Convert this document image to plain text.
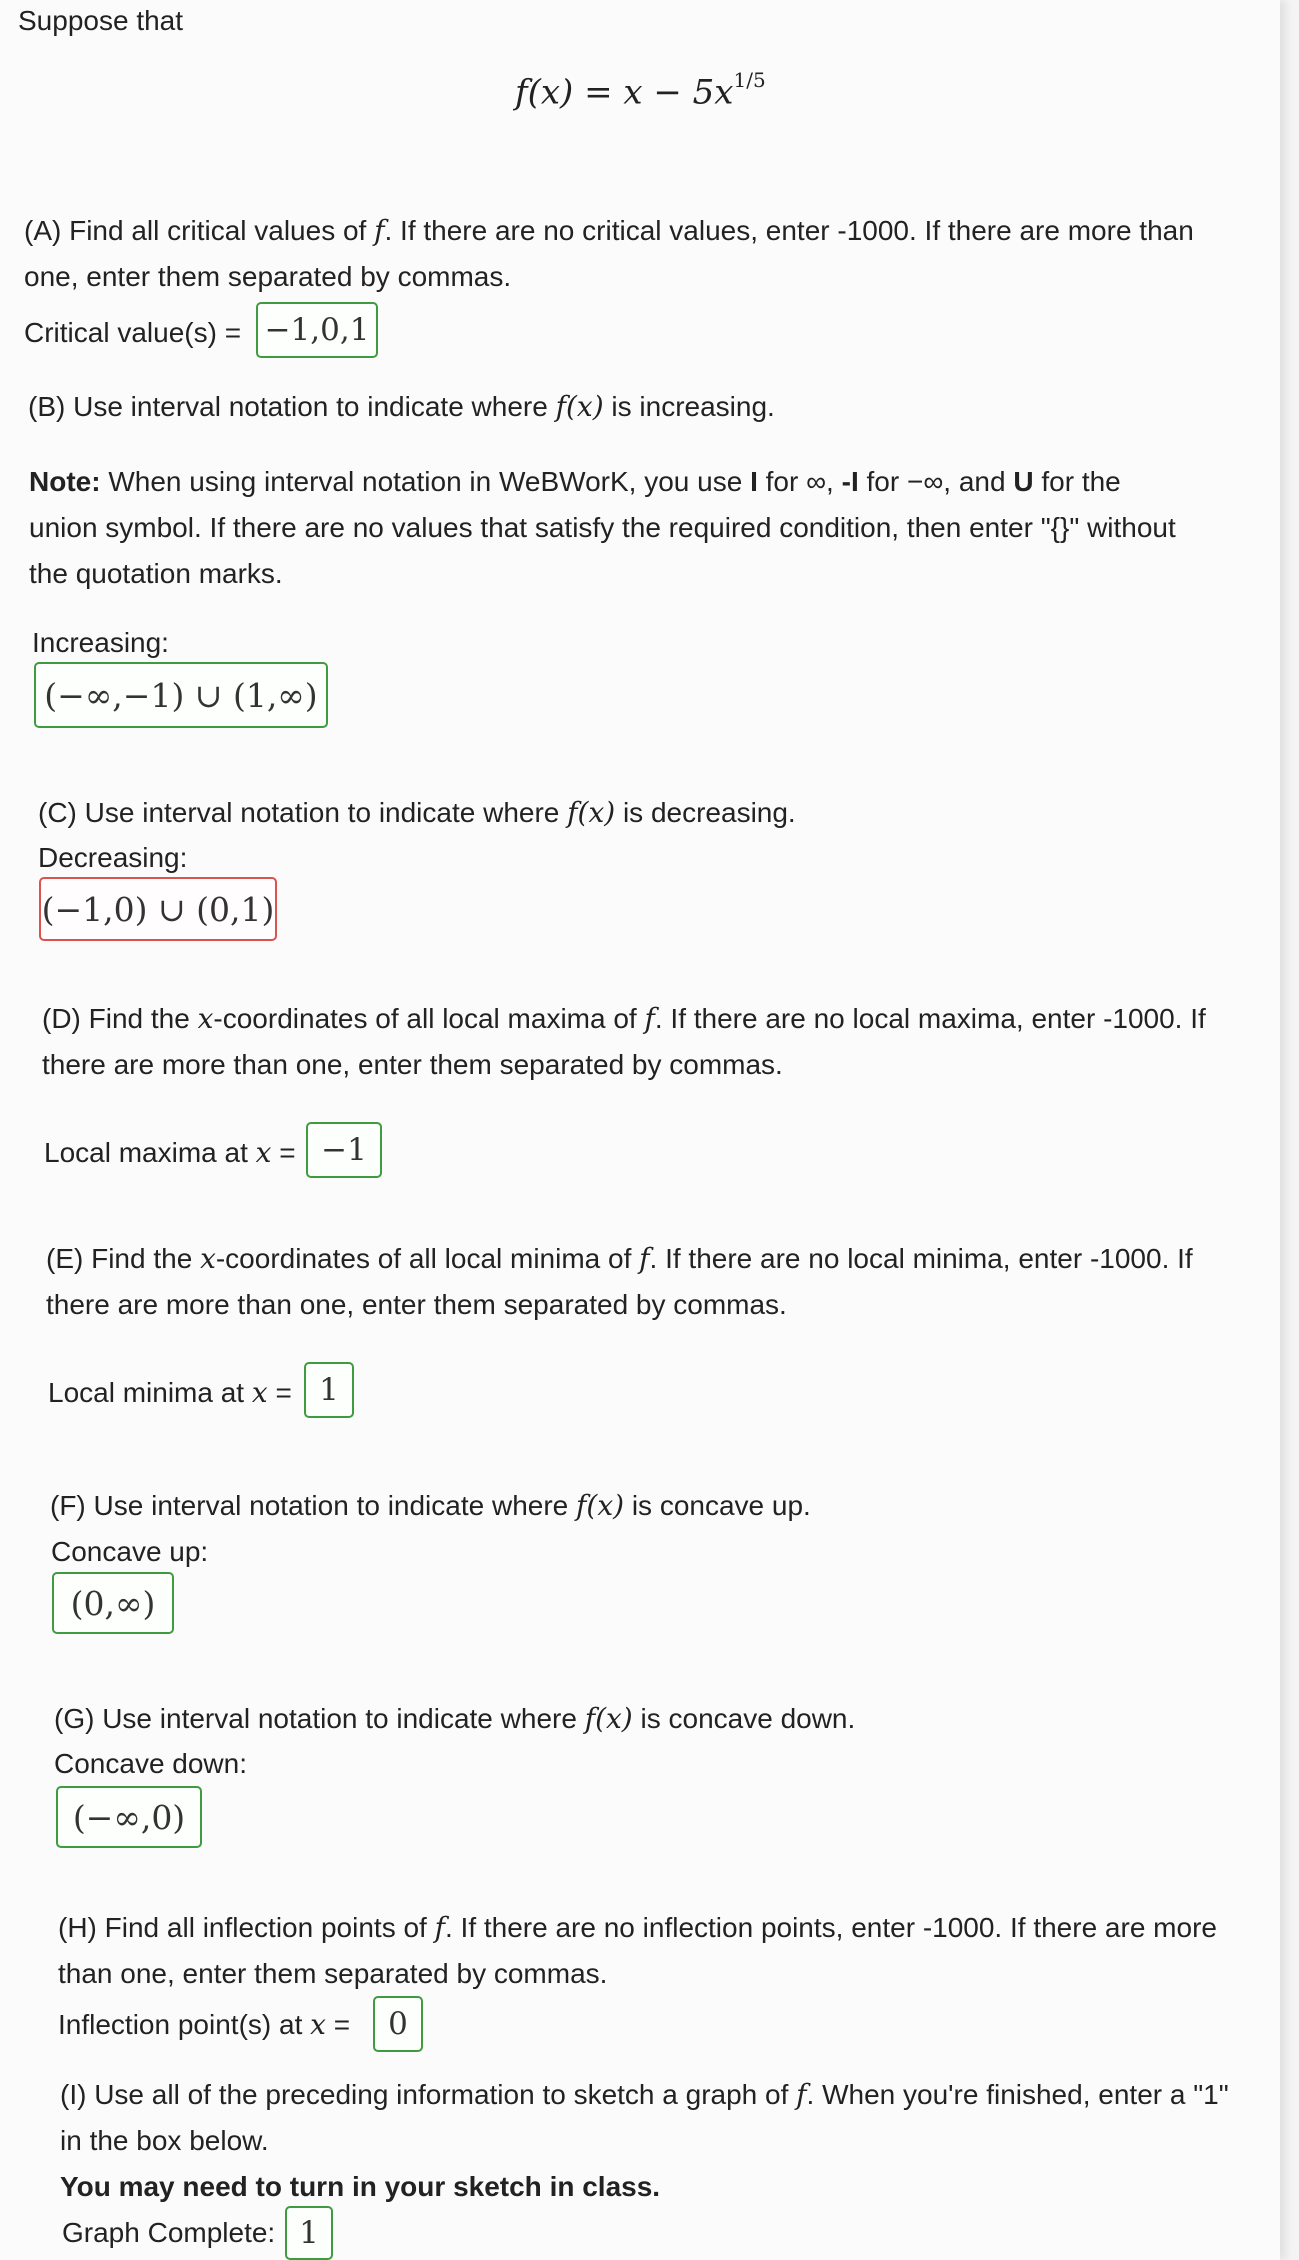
Suppose that
$f(x) = x - 5x^{1/5}$
(A) Find all critical values of f. If there are no critical values, enter -1000. If there are more than
one, enter them separated by commas.
Critical value(s) = −1,0,1
(B) Use interval notation to indicate where f(x) is increasing.
Note: When using interval notation in WeBWorK, you use I for ∞, -I for −∞, and U for the
union symbol. If there are no values that satisfy the required condition, then enter "{}" without
the quotation marks.
Increasing:
(−∞,−1) ∪ (1,∞)
(C) Use interval notation to indicate where f(x) is decreasing.
Decreasing:
(−1,0) ∪ (0,1)
(D) Find the x-coordinates of all local maxima of f. If there are no local maxima, enter -1000. If
there are more than one, enter them separated by commas.
Local maxima at x = −1
(E) Find the x-coordinates of all local minima of f. If there are no local minima, enter -1000. If
there are more than one, enter them separated by commas.
Local minima at x = 1
(F) Use interval notation to indicate where f(x) is concave up.
Concave up:
(0,∞)
(G) Use interval notation to indicate where f(x) is concave down.
Concave down:
(−∞,0)
(H) Find all inflection points of f. If there are no inflection points, enter -1000. If there are more
than one, enter them separated by commas.
Inflection point(s) at x =	0
(I) Use all of the preceding information to sketch a graph of f. When you're finished, enter a "1"
in the box below.
You may need to turn in your sketch in class.
Graph Complete: 1
